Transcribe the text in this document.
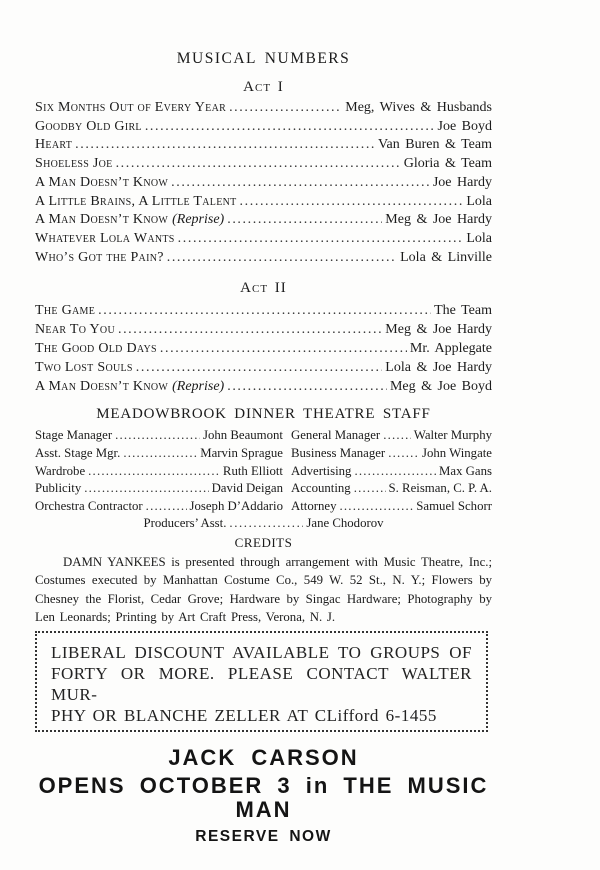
MUSICAL NUMBERS
Act I
Six Months Out of Every Year .....	Meg, Wives & Husbands
Goodby Old Girl .....	Joe Boyd
Heart .....	Van Buren & Team
Shoeless Joe .....	Gloria & Team
A Man Doesn’t Know .....	Joe Hardy
A Little Brains, A Little Talent .....	Lola
A Man Doesn’t Know (Reprise) .....	Meg & Joe Hardy
Whatever Lola Wants .....	Lola
Who’s Got the Pain? .....	Lola & Linville
Act II
The Game .....	The Team
Near To You .....	Meg & Joe Hardy
The Good Old Days .....	Mr. Applegate
Two Lost Souls .....	Lola & Joe Hardy
A Man Doesn’t Know (Reprise) .....	Meg & Joe Boyd
MEADOWBROOK DINNER THEATRE STAFF
Stage Manager .....	John Beaumont
Asst. Stage Mgr. .....	Marvin Sprague
Wardrobe .....	Ruth Elliott
Publicity .....	David Deigan
Orchestra Contractor .....	Joseph D’Addario
General Manager .....	Walter Murphy
Business Manager .....	John Wingate
Advertising .....	Max Gans
Accounting .....	S. Reisman, C. P. A.
Attorney .....	Samuel Schorr
Producers’ Asst. .....	Jane Chodorov
CREDITS
DAMN YANKEES is presented through arrangement with Music Theatre, Inc.; Costumes executed by Manhattan Costume Co., 549 W. 52 St., N. Y.; Flowers by Chesney the Florist, Cedar Grove; Hardware by Singac Hardware; Photography by Len Leonards; Printing by Art Craft Press, Verona, N. J.
LIBERAL DISCOUNT AVAILABLE TO GROUPS OF
FORTY OR MORE. PLEASE CONTACT WALTER MUR-
PHY OR BLANCHE ZELLER AT CLifford 6-1455
JACK CARSON
OPENS OCTOBER 3 in THE MUSIC MAN
RESERVE NOW
